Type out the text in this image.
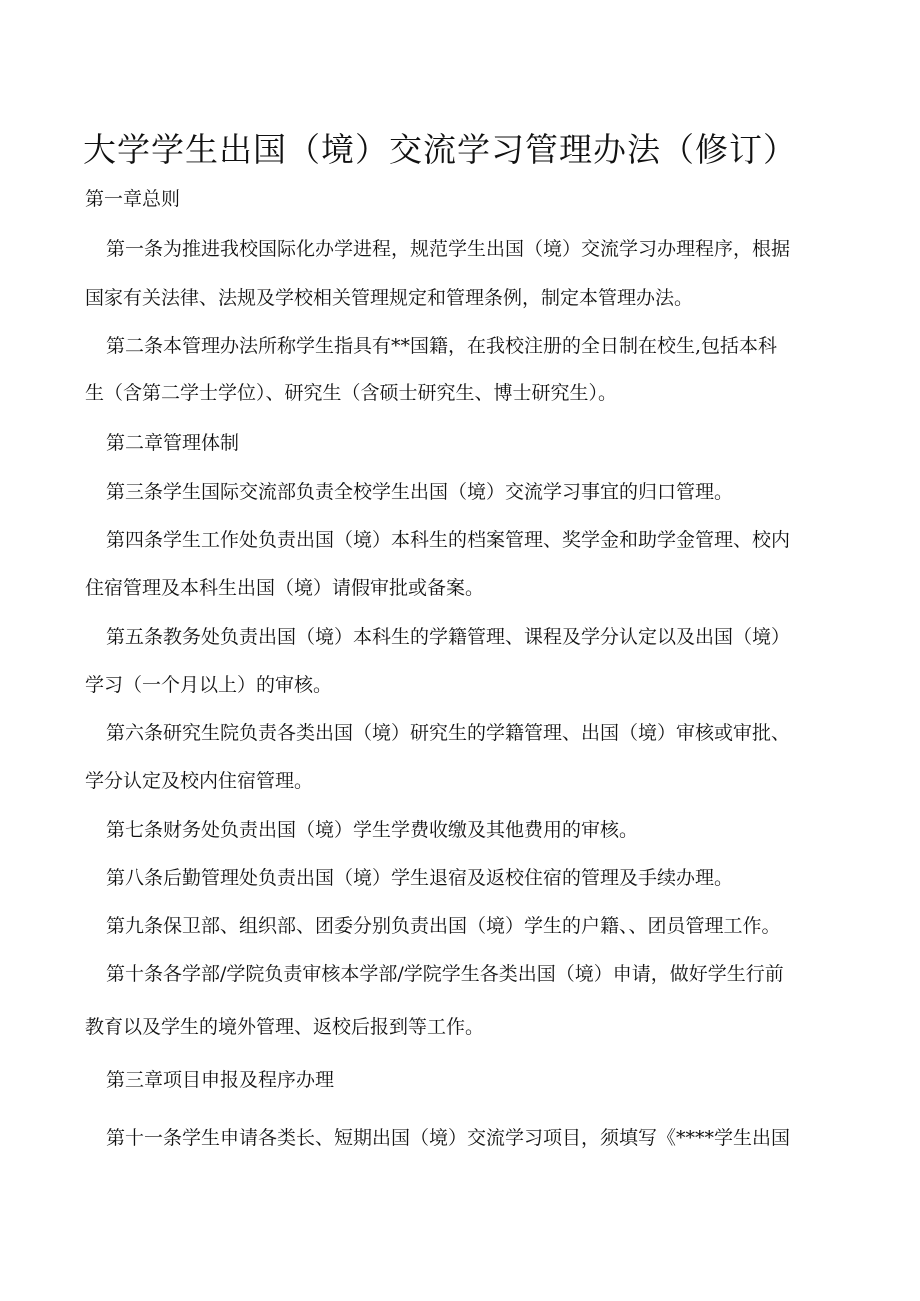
大学学生出国（境）交流学习管理办法（修订）
第一章总则
第一条为推进我校国际化办学进程，规范学生出国（境）交流学习办理程序，根据
国家有关法律、法规及学校相关管理规定和管理条例，制定本管理办法。
第二条本管理办法所称学生指具有**国籍，在我校注册的全日制在校生,包括本科
生（含第二学士学位）、研究生（含硕士研究生、博士研究生）。
第二章管理体制
第三条学生国际交流部负责全校学生出国（境）交流学习事宜的归口管理。
第四条学生工作处负责出国（境）本科生的档案管理、奖学金和助学金管理、校内
住宿管理及本科生出国（境）请假审批或备案。
第五条教务处负责出国（境）本科生的学籍管理、课程及学分认定以及出国（境）
学习（一个月以上）的审核。
第六条研究生院负责各类出国（境）研究生的学籍管理、出国（境）审核或审批、
学分认定及校内住宿管理。
第七条财务处负责出国（境）学生学费收缴及其他费用的审核。
第八条后勤管理处负责出国（境）学生退宿及返校住宿的管理及手续办理。
第九条保卫部、组织部、团委分别负责出国（境）学生的户籍、、团员管理工作。
第十条各学部/学院负责审核本学部/学院学生各类出国（境）申请，做好学生行前
教育以及学生的境外管理、返校后报到等工作。
第三章项目申报及程序办理
第十一条学生申请各类长、短期出国（境）交流学习项目，须填写《****学生出国
